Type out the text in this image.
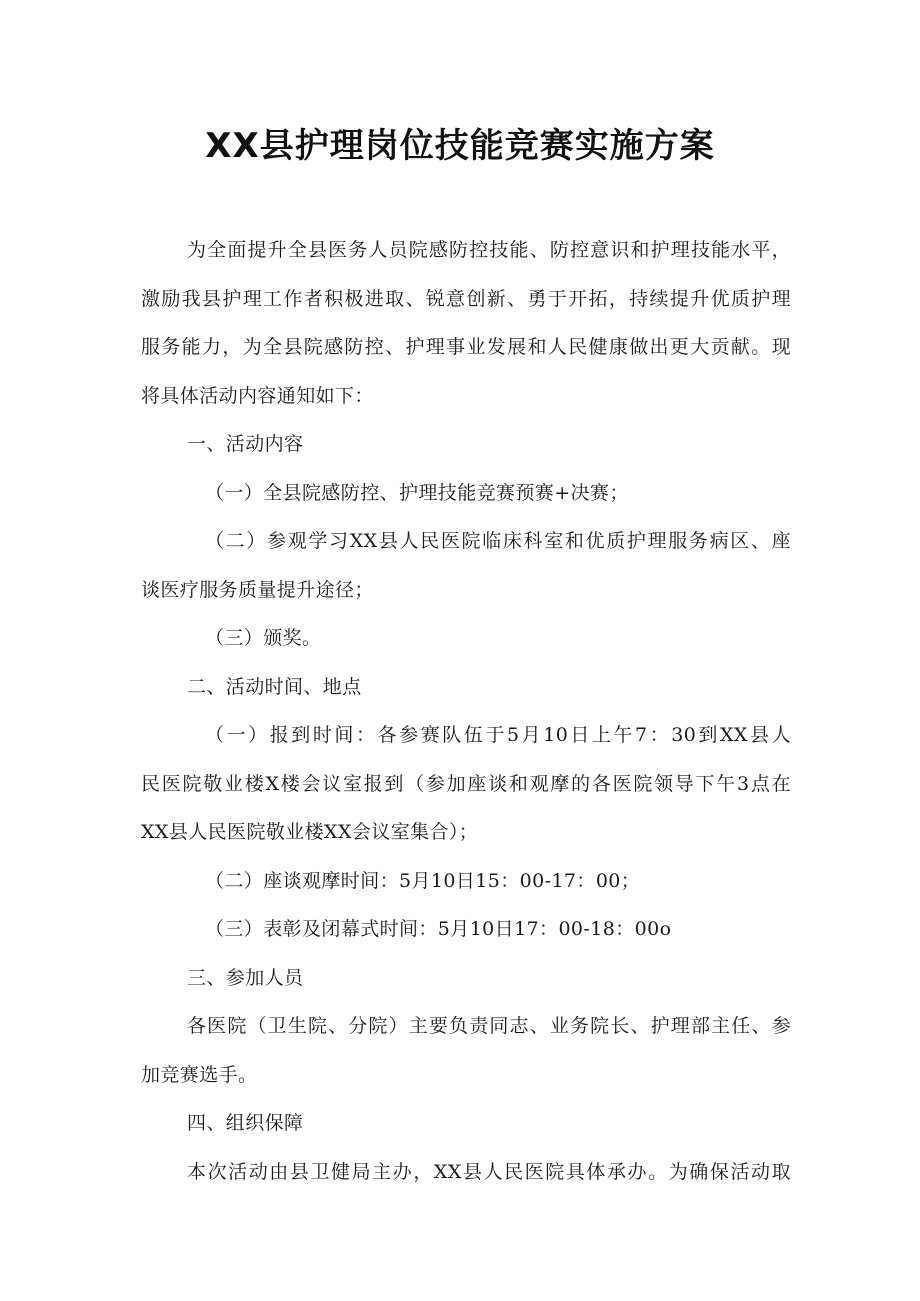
XX县护理岗位技能竞赛实施方案
为全面提升全县医务人员院感防控技能、防控意识和护理技能水平，
激励我县护理工作者积极进取、锐意创新、勇于开拓，持续提升优质护理
服务能力，为全县院感防控、护理事业发展和人民健康做出更大贡献。现
将具体活动内容通知如下：
一、活动内容
（一）全县院感防控、护理技能竞赛预赛+决赛；
（二）参观学习XX县人民医院临床科室和优质护理服务病区、座
谈医疗服务质量提升途径；
（三）颁奖。
二、活动时间、地点
（一）报到时间：各参赛队伍于5月10日上午7：30到XX县人
民医院敬业楼X楼会议室报到（参加座谈和观摩的各医院领导下午3点在
XX县人民医院敬业楼XX会议室集合）；
（二）座谈观摩时间：5月10日15：00-17：00；
（三）表彰及闭幕式时间：5月10日17：00-18：00o
三、参加人员
各医院（卫生院、分院）主要负责同志、业务院长、护理部主任、参
加竞赛选手。
四、组织保障
本次活动由县卫健局主办，XX县人民医院具体承办。为确保活动取
